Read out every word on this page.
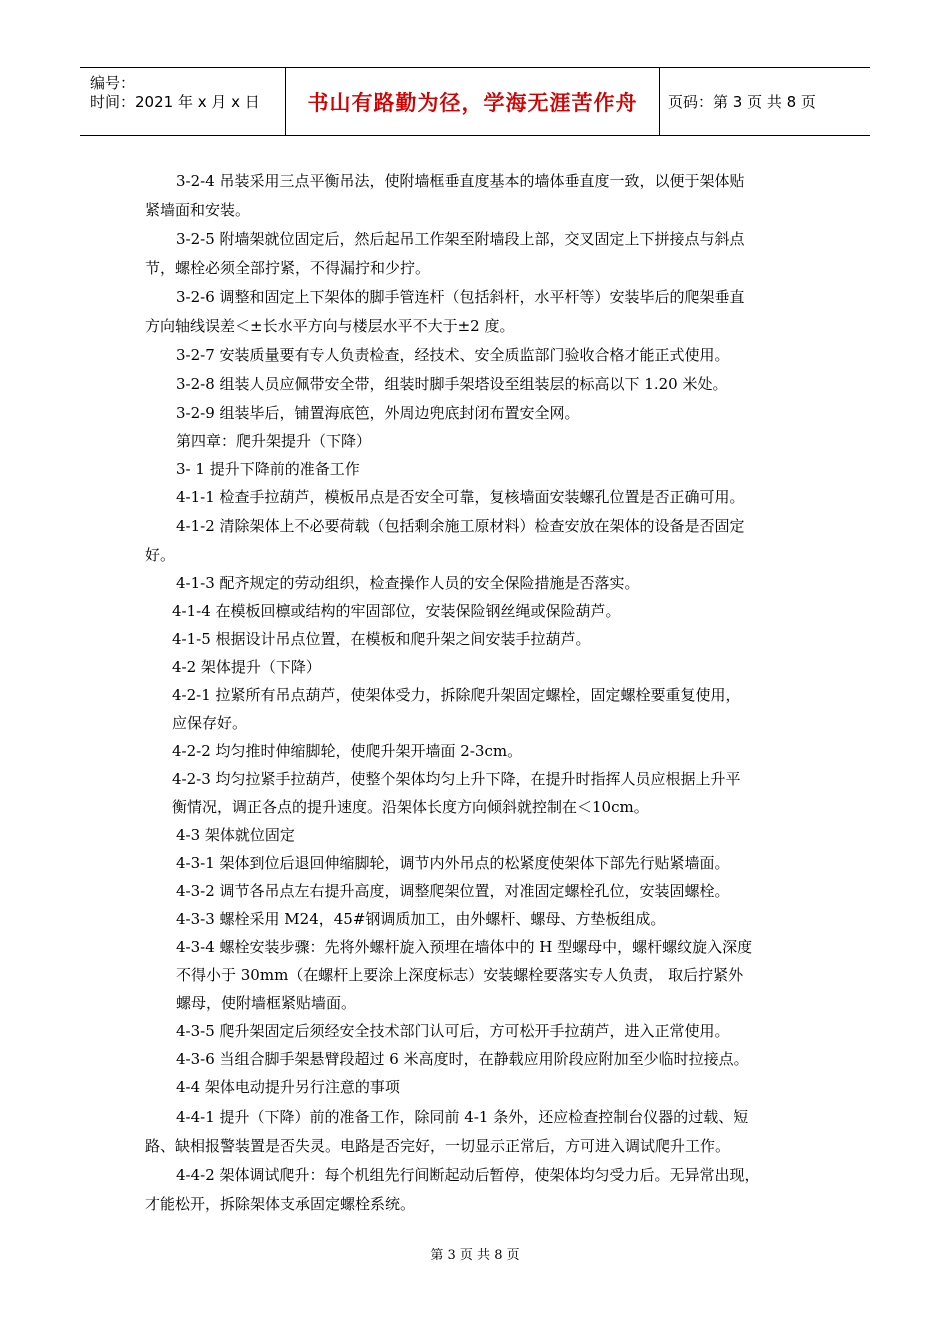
编号：
时间：2021 年 x 月 x 日	书山有路勤为径，学海无涯苦作舟 页码：第 3 页 共 8 页
3-2-4 吊装采用三点平衡吊法，使附墙框垂直度基本的墙体垂直度一致，以便于架体贴
紧墙面和安装。
3-2-5 附墙架就位固定后，然后起吊工作架至附墙段上部，交叉固定上下拼接点与斜点
节，螺栓必须全部拧紧，不得漏拧和少拧。
3-2-6 调整和固定上下架体的脚手管连杆（包括斜杆，水平杆等）安装毕后的爬架垂直
方向轴线误差＜±长水平方向与楼层水平不大于±2 度。
3-2-7 安装质量要有专人负责检查，经技术、安全质监部门验收合格才能正式使用。
3-2-8 组装人员应佩带安全带，组装时脚手架塔设至组装层的标高以下 1.20 米处。
3-2-9 组装毕后，铺置海底笆，外周边兜底封闭布置安全网。
第四章：爬升架提升（下降）
3- 1 提升下降前的准备工作
4-1-1 检查手拉葫芦，模板吊点是否安全可靠，复核墙面安装螺孔位置是否正确可用。
4-1-2 清除架体上不必要荷载（包括剩余施工原材料）检查安放在架体的设备是否固定
好。
4-1-3 配齐规定的劳动组织，检查操作人员的安全保险措施是否落实。
4-1-4 在模板回檩或结构的牢固部位，安装保险钢丝绳或保险葫芦。
4-1-5 根据设计吊点位置，在模板和爬升架之间安装手拉葫芦。
4-2 架体提升（下降）
4-2-1 拉紧所有吊点葫芦，使架体受力，拆除爬升架固定螺栓，固定螺栓要重复使用，
应保存好。
4-2-2 均匀推时伸缩脚轮，使爬升架开墙面 2-3cm。
4-2-3 均匀拉紧手拉葫芦，使整个架体均匀上升下降，在提升时指挥人员应根据上升平
衡情况，调正各点的提升速度。沿架体长度方向倾斜就控制在＜10cm。
4-3 架体就位固定
4-3-1 架体到位后退回伸缩脚轮，调节内外吊点的松紧度使架体下部先行贴紧墙面。
4-3-2 调节各吊点左右提升高度，调整爬架位置，对准固定螺栓孔位，安装固螺栓。
4-3-3 螺栓采用 M24，45#钢调质加工，由外螺杆、螺母、方垫板组成。
4-3-4 螺栓安装步骤：先将外螺杆旋入预埋在墙体中的 H 型螺母中，螺杆螺纹旋入深度
不得小于 30mm（在螺杆上要涂上深度标志）安装螺栓要落实专人负责， 取后拧紧外
螺母，使附墙框紧贴墙面。
4-3-5 爬升架固定后须经安全技术部门认可后，方可松开手拉葫芦，进入正常使用。
4-3-6 当组合脚手架悬臂段超过 6 米高度时，在静载应用阶段应附加至少临时拉接点。
4-4 架体电动提升另行注意的事项
4-4-1 提升（下降）前的准备工作，除同前 4-1 条外，还应检查控制台仪器的过载、短
路、缺相报警装置是否失灵。电路是否完好，一切显示正常后，方可进入调试爬升工作。
4-4-2 架体调试爬升：每个机组先行间断起动后暂停，使架体均匀受力后。无异常出现，
才能松开，拆除架体支承固定螺栓系统。
第 3 页 共 8 页
